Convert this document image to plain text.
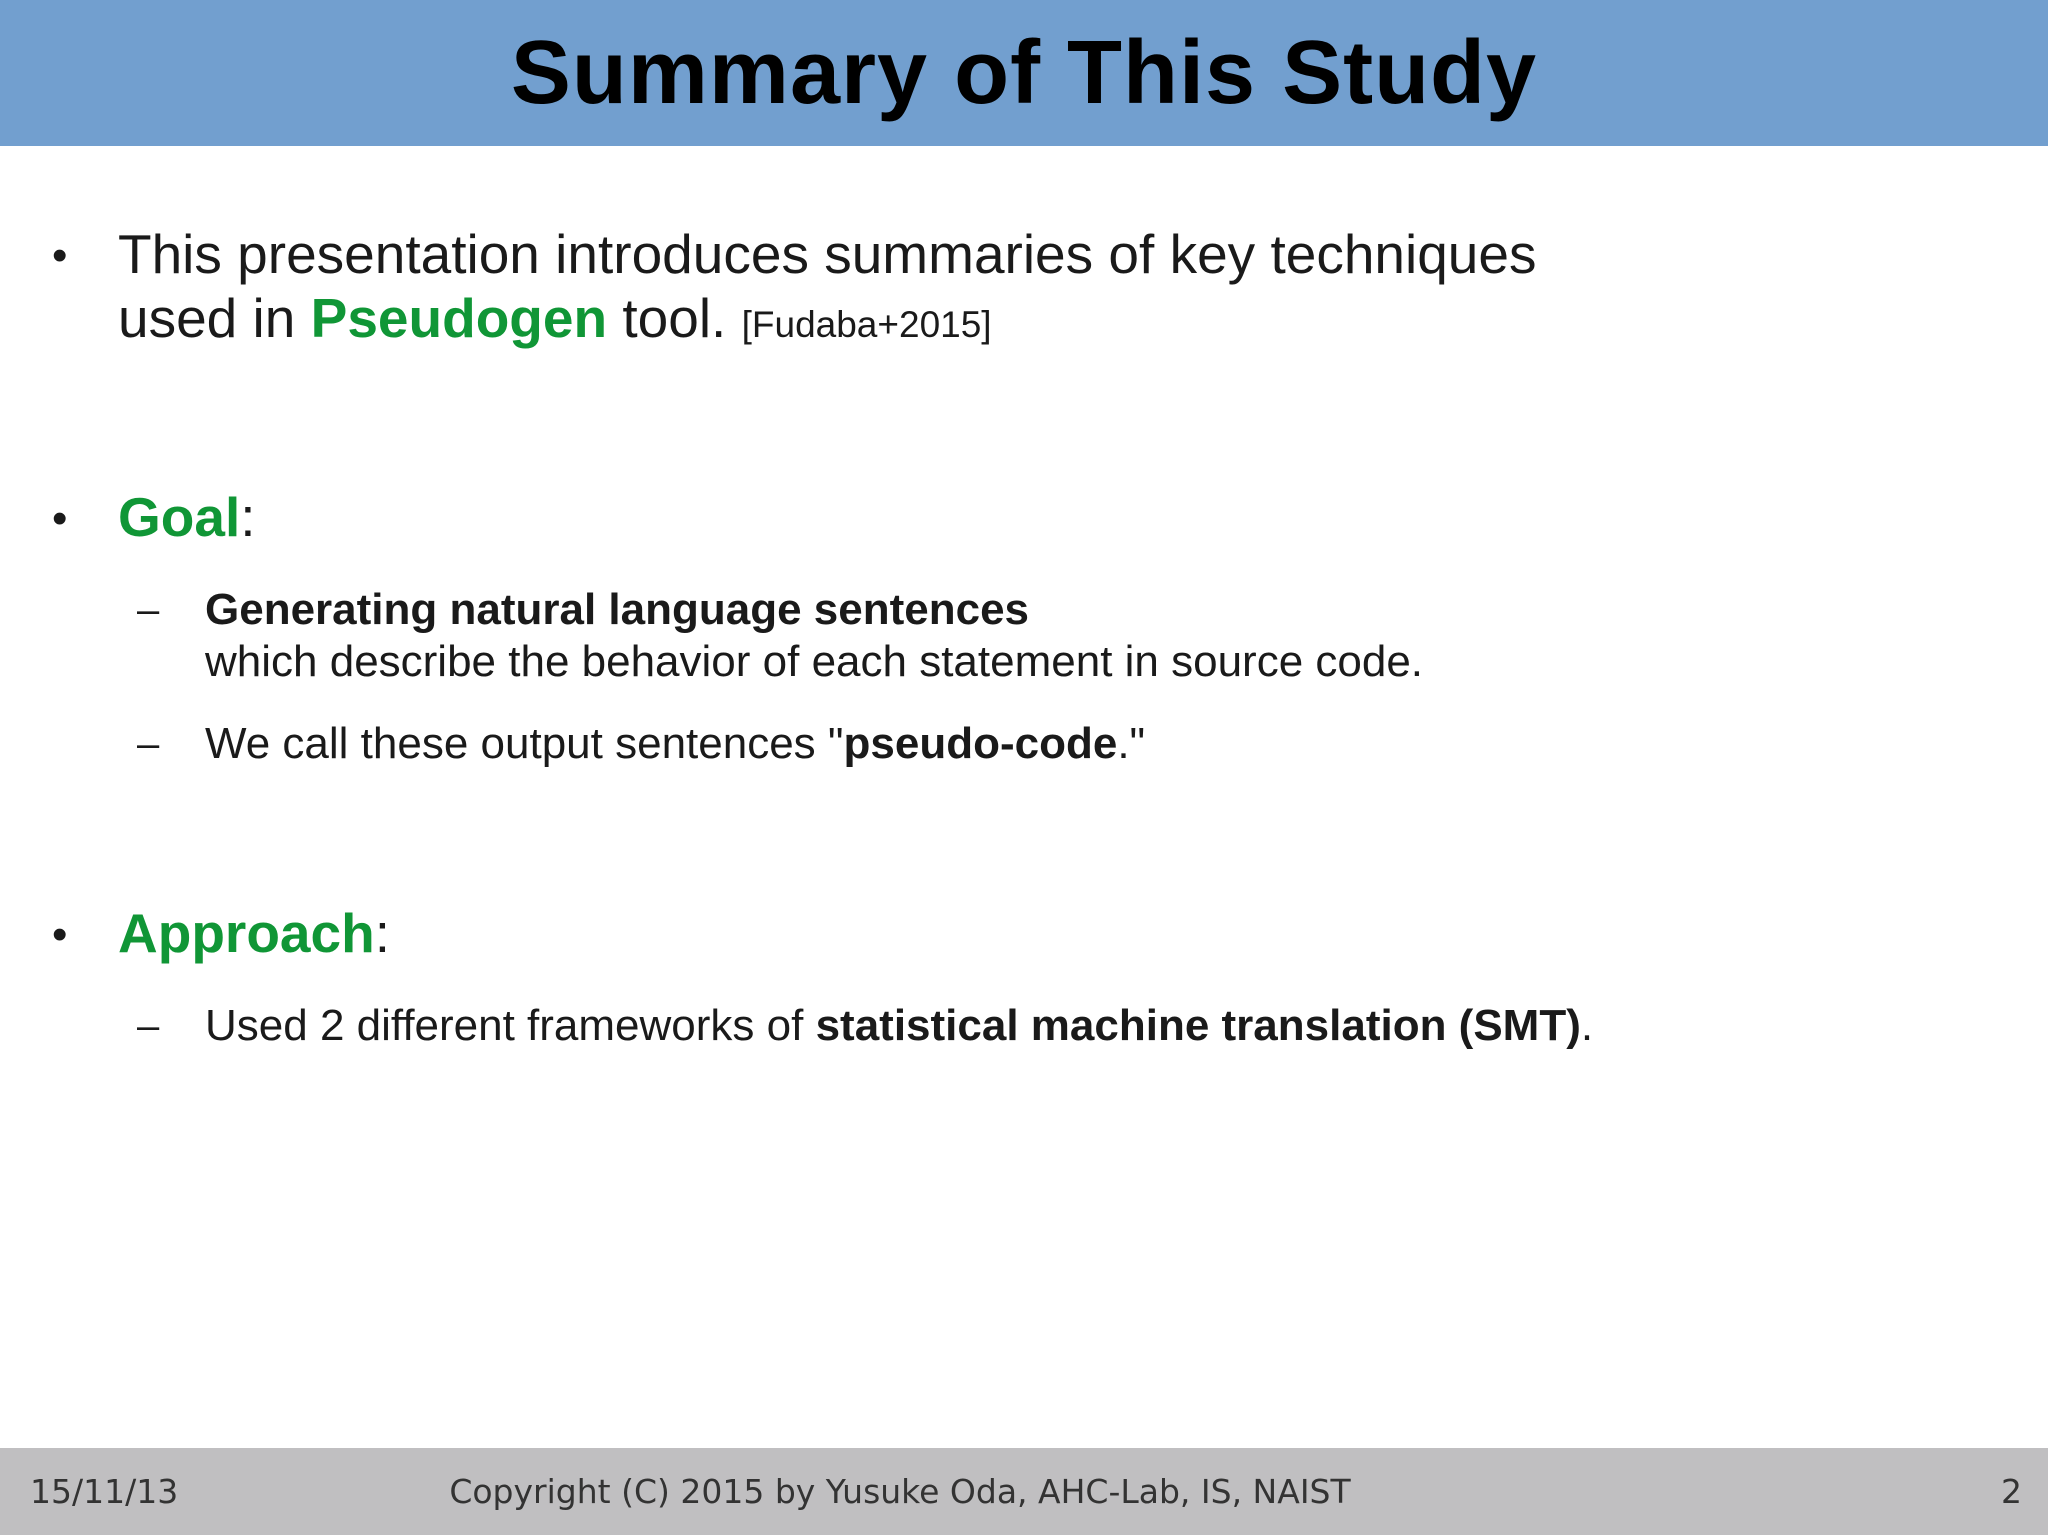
Summary of This Study
• This presentation introduces summaries of key techniques
used in Pseudogen tool. [Fudaba+2015]
• Goal:
– Generating natural language sentences
which describe the behavior of each statement in source code.
– We call these output sentences "pseudo-code."
• Approach:
– Used 2 different frameworks of statistical machine translation (SMT).
15/11/13	Copyright (C) 2015 by Yusuke Oda, AHC-Lab, IS, NAIST	2
